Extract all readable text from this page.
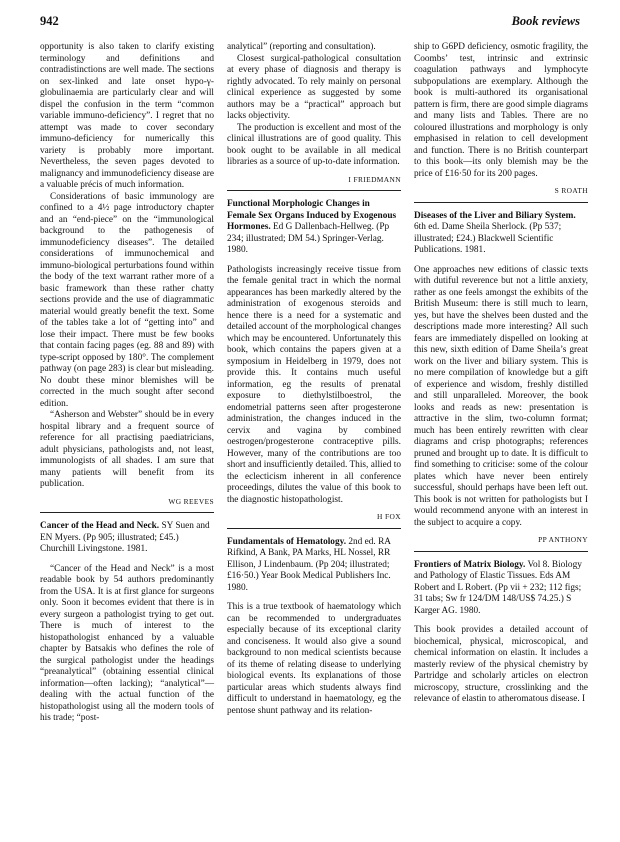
942	Book reviews

opportunity is also taken to clarify existing terminology and definitions and contradistinctions are well made. The sections on sex-linked and late onset hypo-γ-globulinaemia are particularly clear and will dispel the confusion in the term “common variable immuno-deficiency”. I regret that no attempt was made to cover secondary immuno-deficiency for numerically this variety is probably more important. Nevertheless, the seven pages devoted to malignancy and immunodeficiency disease are a valuable précis of much information.

Considerations of basic immunology are confined to a 4½ page introductory chapter and an “end-piece” on the “immunological background to the pathogenesis of immunodeficiency diseases”. The detailed considerations of immunochemical and immuno-biological perturbations found within the body of the text warrant rather more of a basic framework than these rather chatty sections provide and the use of diagrammatic material would greatly benefit the text. Some of the tables take a lot of “getting into” and lose their impact. There must be few books that contain facing pages (eg. 88 and 89) with type-script opposed by 180°. The complement pathway (on page 283) is clear but misleading. No doubt these minor blemishes will be corrected in the much sought after second edition.

“Asherson and Webster” should be in every hospital library and a frequent source of reference for all practising paediatricians, adult physicians, pathologists and, not least, immunologists of all shades. I am sure that many patients will benefit from its publication.

WG REEVES

Cancer of the Head and Neck. SY Suen and EN Myers. (Pp 905; illustrated; £45.) Churchill Livingstone. 1981.

“Cancer of the Head and Neck” is a most readable book by 54 authors predominantly from the USA. It is at first glance for surgeons only. Soon it becomes evident that there is in every surgeon a pathologist trying to get out. There is much of interest to the histopathologist enhanced by a valuable chapter by Batsakis who defines the role of the surgical pathologist under the headings “preanalytical” (obtaining essential clinical information—often lacking); “analytical”—dealing with the actual function of the histopathologist using all the modern tools of his trade; “post-

analytical” (reporting and consultation).

Closest surgical-pathological consultation at every phase of diagnosis and therapy is rightly advocated. To rely mainly on personal clinical experience as suggested by some authors may be a “practical” approach but lacks objectivity.

The production is excellent and most of the clinical illustrations are of good quality. This book ought to be available in all medical libraries as a source of up-to-date information.

I FRIEDMANN

Functional Morphologic Changes in Female Sex Organs Induced by Exogenous Hormones. Ed G Dallenbach-Hellweg. (Pp 234; illustrated; DM 54.) Springer-Verlag. 1980.

Pathologists increasingly receive tissue from the female genital tract in which the normal appearances has been markedly altered by the administration of exogenous steroids and hence there is a need for a systematic and detailed account of the morphological changes which may be encountered. Unfortunately this book, which contains the papers given at a symposium in Heidelberg in 1979, does not provide this. It contains much useful information, eg the results of prenatal exposure to diethylstilboestrol, the endometrial patterns seen after progesterone administration, the changes induced in the cervix and vagina by combined oestrogen/progesterone contraceptive pills. However, many of the contributions are too short and insufficiently detailed. This, allied to the eclecticism inherent in all conference proceedings, dilutes the value of this book to the diagnostic histopathologist.

H FOX

Fundamentals of Hematology. 2nd ed. RA Rifkind, A Bank, PA Marks, HL Nossel, RR Ellison, J Lindenbaum. (Pp 204; illustrated; £16·50.) Year Book Medical Publishers Inc. 1980.

This is a true textbook of haematology which can be recommended to undergraduates especially because of its exceptional clarity and conciseness. It would also give a sound background to non medical scientists because of its theme of relating disease to underlying biological events. Its explanations of those particular areas which students always find difficult to understand in haematology, eg the pentose shunt pathway and its relation-

ship to G6PD deficiency, osmotic fragility, the Coombs’ test, intrinsic and extrinsic coagulation pathways and lymphocyte subpopulations are exemplary. Although the book is multi-authored its organisational pattern is firm, there are good simple diagrams and many lists and Tables. There are no coloured illustrations and morphology is only emphasised in relation to cell development and function. There is no British counterpart to this book—its only blemish may be the price of £16·50 for its 200 pages.

S ROATH

Diseases of the Liver and Biliary System. 6th ed. Dame Sheila Sherlock. (Pp 537; illustrated; £24.) Blackwell Scientific Publications. 1981.

One approaches new editions of classic texts with dutiful reverence but not a little anxiety, rather as one feels amongst the exhibits of the British Museum: there is still much to learn, yes, but have the shelves been dusted and the descriptions made more interesting? All such fears are immediately dispelled on looking at this new, sixth edition of Dame Sheila’s great work on the liver and biliary system. This is no mere compilation of knowledge but a gift of experience and wisdom, freshly distilled and still unparalleled. Moreover, the book looks and reads as new: presentation is attractive in the slim, two-column format; much has been entirely rewritten with clear diagrams and crisp photographs; references pruned and brought up to date. It is difficult to find something to criticise: some of the colour plates which have never been entirely successful, should perhaps have been left out. This book is not written for pathologists but I would recommend anyone with an interest in the subject to acquire a copy.

PP ANTHONY

Frontiers of Matrix Biology. Vol 8. Biology and Pathology of Elastic Tissues. Eds AM Robert and L Robert. (Pp vii + 232; 112 figs; 31 tabs; Sw fr 124/DM 148/US$ 74.25.) S Karger AG. 1980.

This book provides a detailed account of biochemical, physical, microscopical, and chemical information on elastin. It includes a masterly review of the physical chemistry by Partridge and scholarly articles on electron microscopy, structure, crosslinking and the relevance of elastin to atheromatous disease. I
